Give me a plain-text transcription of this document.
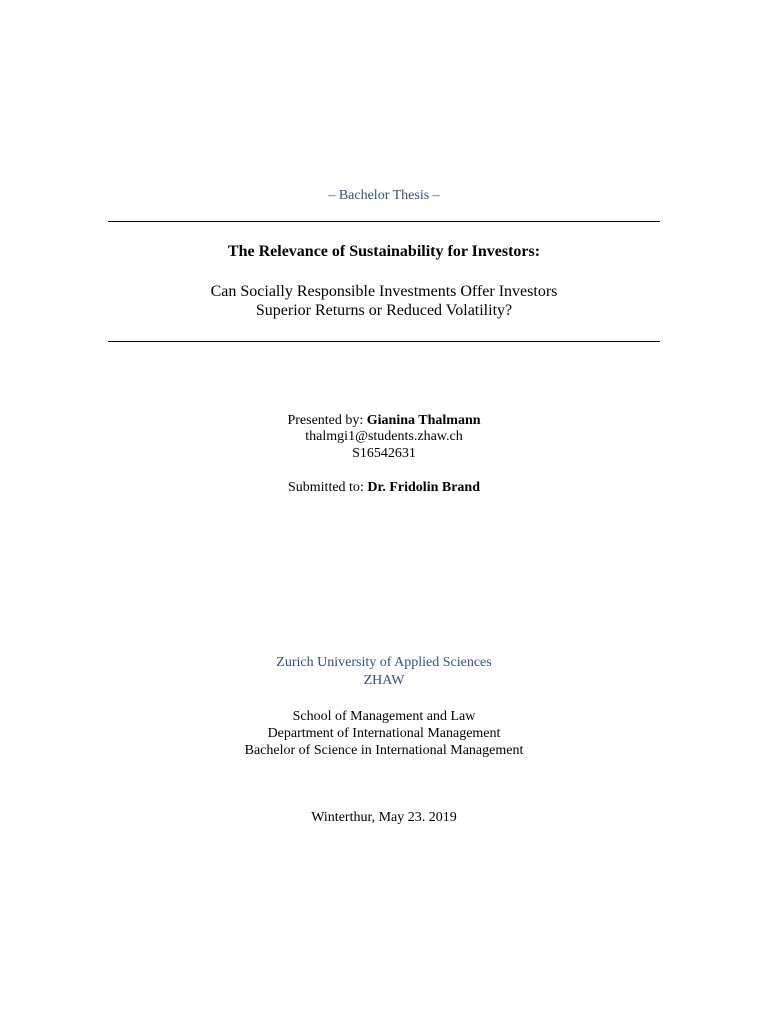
– Bachelor Thesis –
The Relevance of Sustainability for Investors:
Can Socially Responsible Investments Offer Investors
Superior Returns or Reduced Volatility?
Presented by: Gianina Thalmann
thalmgi1@students.zhaw.ch
S16542631
Submitted to: Dr. Fridolin Brand
Zurich University of Applied Sciences
ZHAW
School of Management and Law
Department of International Management
Bachelor of Science in International Management
Winterthur, May 23. 2019
